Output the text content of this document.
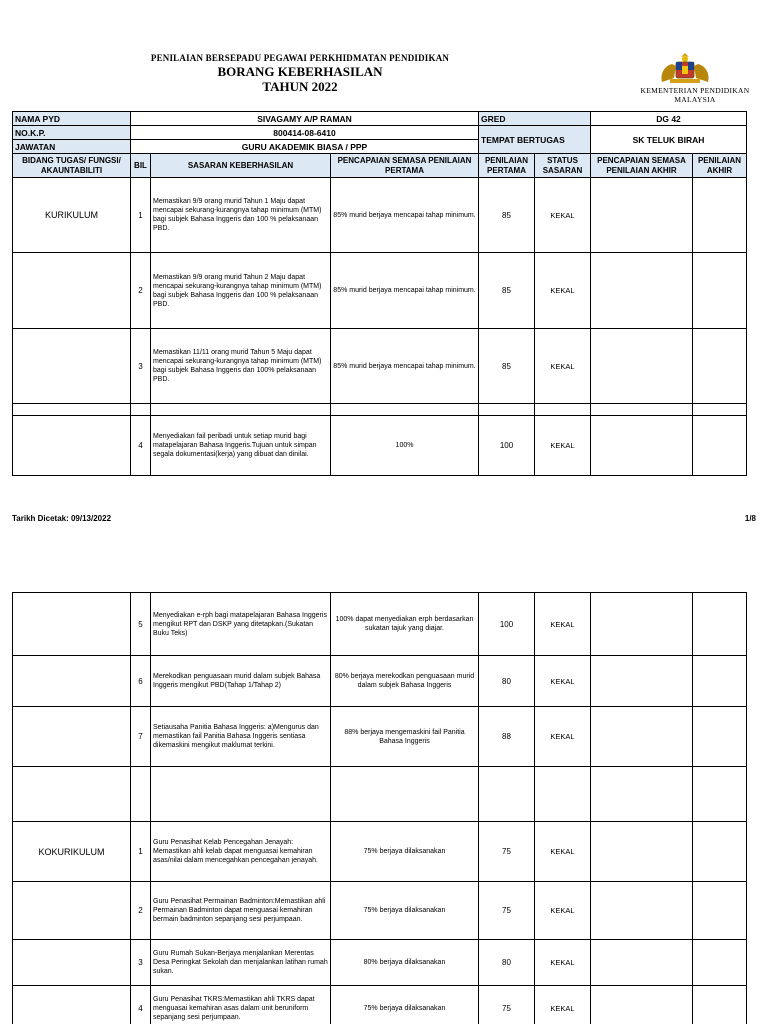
PENILAIAN BERSEPADU PEGAWAI PERKHIDMATAN PENDIDIKAN
BORANG KEBERHASILAN
TAHUN 2022	KEMENTERIAN PENDIDIKAN
MALAYSIA
NAMA PYD	SIVAGAMY A/P RAMAN			GRED		DG 42	
NO.K.P.	800414-08-6410			TEMPAT BERTUGAS		SK TELUK BIRAH	
JAWATAN	GURU AKADEMIK BIASA / PPP						
BIDANG TUGAS/ FUNGSI/ AKAUNTABILITI	BIL	SASARAN KEBERHASILAN	PENCAPAIAN SEMASA PENILAIAN PERTAMA	PENILAIAN PERTAMA	STATUS SASARAN	PENCAPAIAN SEMASA PENILAIAN AKHIR	PENILAIAN AKHIR
KURIKULUM	1	Memastikan 9/9 orang murid Tahun 1 Maju dapat mencapai sekurang-kurangnya tahap minimum (MTM) bagi subjek Bahasa Inggeris dan 100 % pelaksanaan PBD.	85% murid berjaya mencapai tahap minimum.	85	KEKAL		
	2	Memastikan 9/9 orang murid Tahun 2 Maju dapat mencapai sekurang-kurangnya tahap minimum (MTM) bagi subjek Bahasa Inggeris dan 100 % pelaksanaan PBD.	85% murid berjaya mencapai tahap minimum.	85	KEKAL		
	3	Memastikan 11/11 orang murid Tahun 5 Maju dapat mencapai sekurang-kurangnya tahap minimum (MTM) bagi subjek Bahasa Inggeris dan 100% pelaksanaan PBD.	85% murid berjaya mencapai tahap minimum.	85	KEKAL		

	4	Menyediakan fail peribadi untuk setiap murid bagi matapelajaran Bahasa Inggeris.Tujuan untuk simpan segala dokumentasi(kerja) yang dibuat dan dinilai.	100%	100	KEKAL		
Tarikh Dicetak: 09/13/2022	1/8
	5	Menyediakan e-rph bagi matapelajaran Bahasa Inggeris mengikut RPT dan DSKP yang ditetapkan.(Sukatan Buku Teks)	100% dapat menyediakan erph berdasarkan sukatan tajuk yang diajar.	100	KEKAL		
	6	Merekodkan penguasaan murid dalam subjek Bahasa Inggeris mengikut PBD(Tahap 1/Tahap 2)	80% berjaya merekodkan penguasaan murid dalam subjek Bahasa Inggeris	80	KEKAL		
	7	Setiausaha Panitia Bahasa Inggeris: a)Mengurus dan memastikan fail Panitia Bahasa Inggeris sentiasa dikemaskini mengikut maklumat terkini.	88% berjaya mengemaskini fail Panitia Bahasa Inggeris	88	KEKAL		

KOKURIKULUM	1	Guru Penasihat Kelab Pencegahan Jenayah: Memastikan ahli kelab dapat menguasai kemahiran asas/nilai dalam mencegahkan pencegahan jenayah.	75% berjaya dilaksanakan	75	KEKAL		
	2	Guru Penasihat Permainan Badminton:Memastikan ahli Permainan Badminton dapat menguasai kemahiran bermain badminton sepanjang sesi perjumpaan.	75% berjaya dilaksanakan	75	KEKAL		
	3	Guru Rumah Sukan-Berjaya menjalankan Merentas Desa Peringkat Sekolah dan menjalankan latihan rumah sukan.	80% berjaya dilaksanakan	80	KEKAL		
	4	Guru Penasihat TKRS:Memastikan ahli TKRS dapat menguasai kemahiran asas dalam unit beruniform sepanjang sesi perjumpaan.	75% berjaya dilaksanakan	75	KEKAL		
